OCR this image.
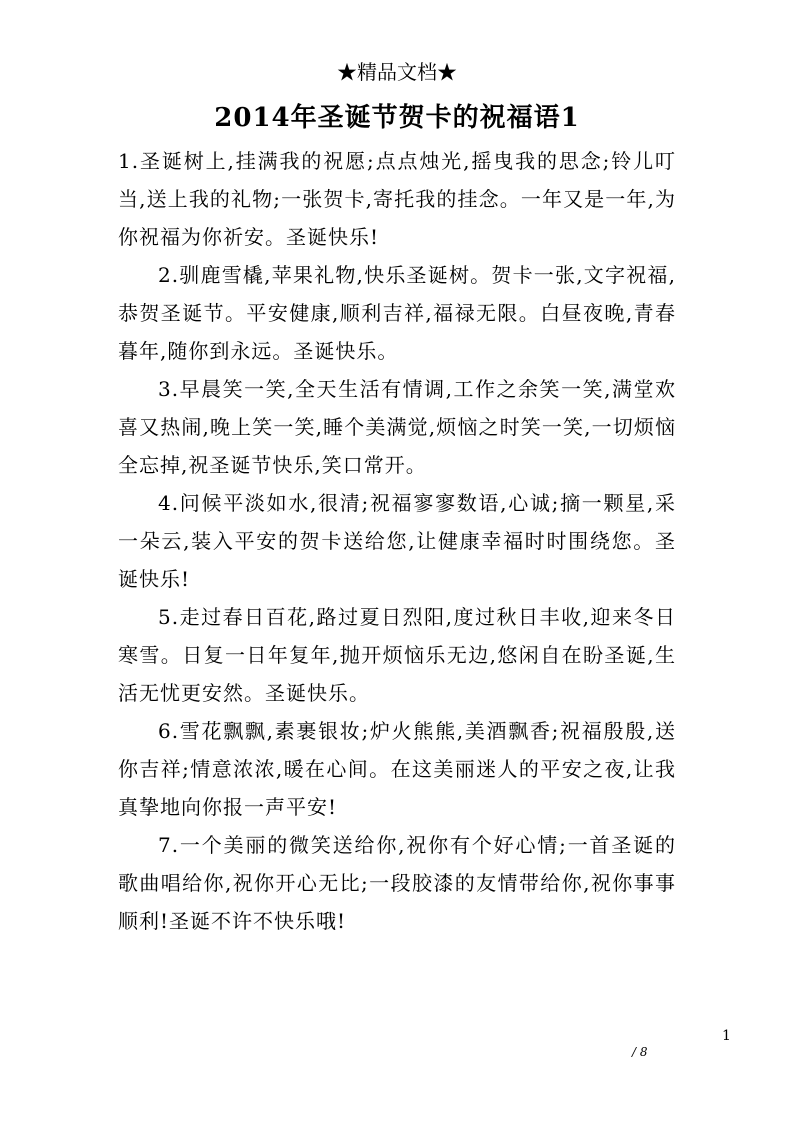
★精品文档★
2014年圣诞节贺卡的祝福语1

1.圣诞树上,挂满我的祝愿;点点烛光,摇曳我的思念;铃儿叮当,送上我的礼物;一张贺卡,寄托我的挂念。一年又是一年,为你祝福为你祈安。圣诞快乐!

2.驯鹿雪橇,苹果礼物,快乐圣诞树。贺卡一张,文字祝福,恭贺圣诞节。平安健康,顺利吉祥,福禄无限。白昼夜晚,青春暮年,随你到永远。圣诞快乐。

3.早晨笑一笑,全天生活有情调,工作之余笑一笑,满堂欢喜又热闹,晚上笑一笑,睡个美满觉,烦恼之时笑一笑,一切烦恼全忘掉,祝圣诞节快乐,笑口常开。

4.问候平淡如水,很清;祝福寥寥数语,心诚;摘一颗星,采一朵云,装入平安的贺卡送给您,让健康幸福时时围绕您。圣诞快乐!

5.走过春日百花,路过夏日烈阳,度过秋日丰收,迎来冬日寒雪。日复一日年复年,抛开烦恼乐无边,悠闲自在盼圣诞,生活无忧更安然。圣诞快乐。

6.雪花飘飘,素裹银妆;炉火熊熊,美酒飘香;祝福殷殷,送你吉祥;情意浓浓,暖在心间。在这美丽迷人的平安之夜,让我真挚地向你报一声平安!

7.一个美丽的微笑送给你,祝你有个好心情;一首圣诞的歌曲唱给你,祝你开心无比;一段胶漆的友情带给你,祝你事事顺利!圣诞不许不快乐哦!

1
/ 8
